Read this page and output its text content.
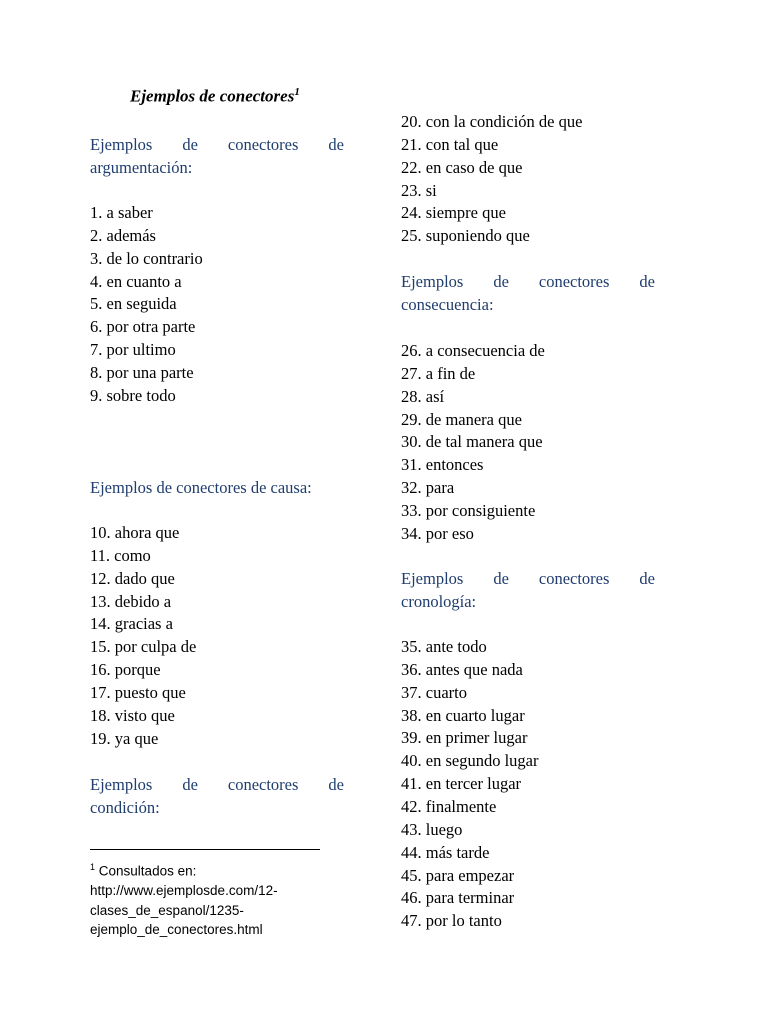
Ejemplos de conectores$^1$
Ejemplos de conectores de
argumentación:
1. a saber
2. además
3. de lo contrario
4. en cuanto a
5. en seguida
6. por otra parte
7. por ultimo
8. por una parte
9. sobre todo
Ejemplos de conectores de causa:
10. ahora que
11. como
12. dado que
13. debido a
14. gracias a
15. por culpa de
16. porque
17. puesto que
18. visto que
19. ya que
Ejemplos de conectores de
condición:
$^1$ Consultados en:
http://www.ejemplosde.com/12-
clases_de_espanol/1235-
ejemplo_de_conectores.html
20. con la condición de que
21. con tal que
22. en caso de que
23. si
24. siempre que
25. suponiendo que
Ejemplos de conectores de
consecuencia:
26. a consecuencia de
27. a fin de
28. así
29. de manera que
30. de tal manera que
31. entonces
32. para
33. por consiguiente
34. por eso
Ejemplos de conectores de
cronología:
35. ante todo
36. antes que nada
37. cuarto
38. en cuarto lugar
39. en primer lugar
40. en segundo lugar
41. en tercer lugar
42. finalmente
43. luego
44. más tarde
45. para empezar
46. para terminar
47. por lo tanto
